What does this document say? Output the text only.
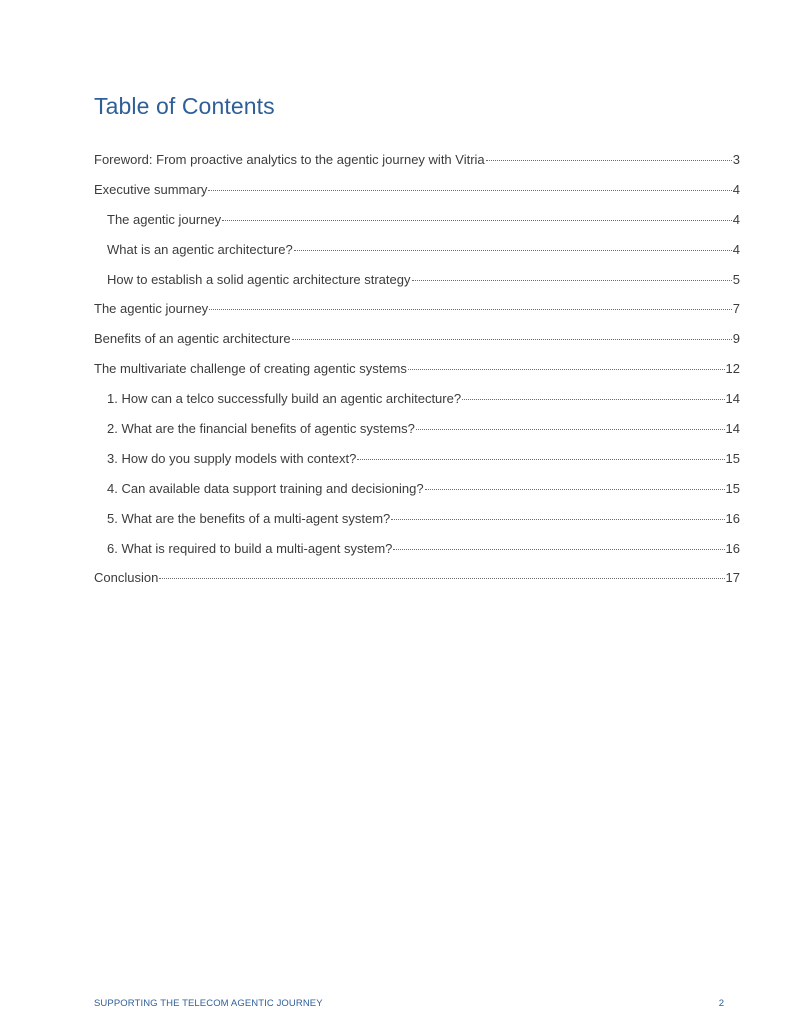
Table of Contents
Foreword: From proactive analytics to the agentic journey with Vitria	3
Executive summary	4
The agentic journey	4
What is an agentic architecture?	4
How to establish a solid agentic architecture strategy	5
The agentic journey	7
Benefits of an agentic architecture	9
The multivariate challenge of creating agentic systems	12
1. How can a telco successfully build an agentic architecture?	14
2. What are the financial benefits of agentic systems?	14
3. How do you supply models with context?	15
4. Can available data support training and decisioning?	15
5. What are the benefits of a multi-agent system?	16
6. What is required to build a multi-agent system?	16
Conclusion	17
SUPPORTING THE TELECOM AGENTIC JOURNEY	2
